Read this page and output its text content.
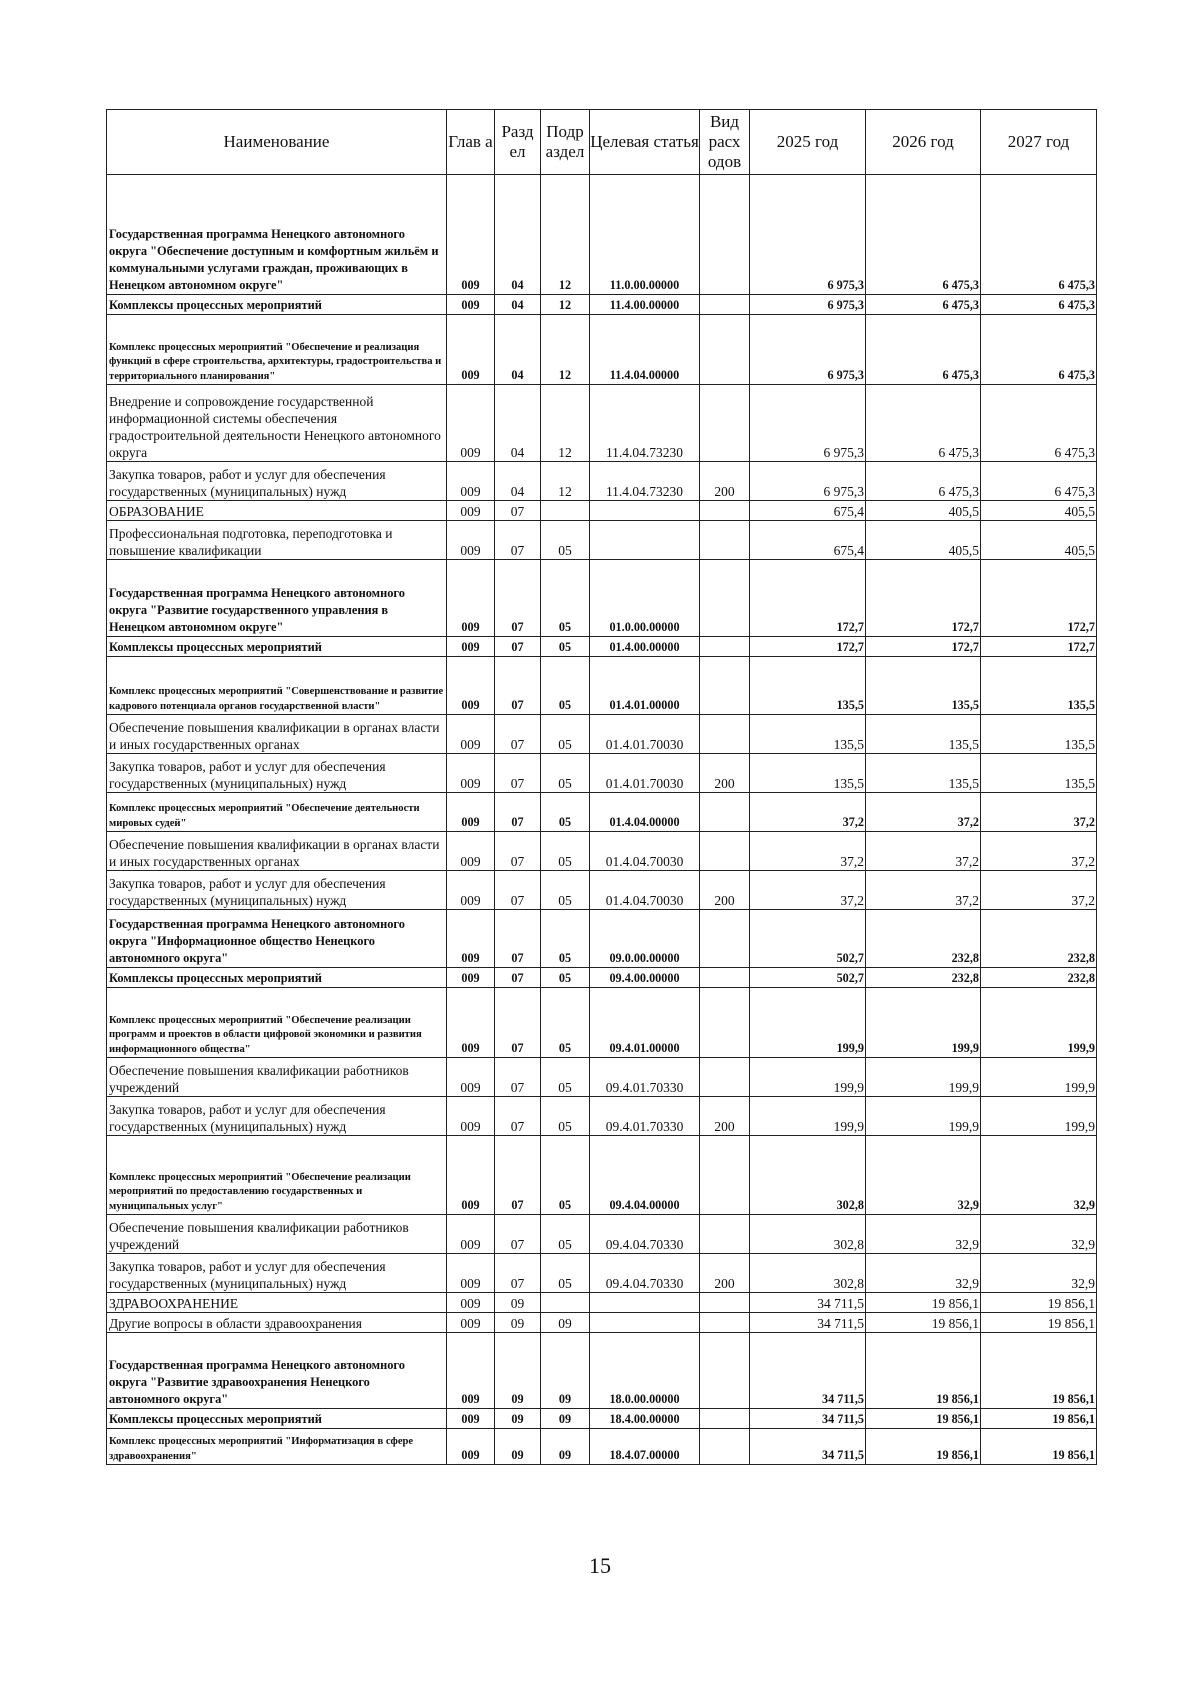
Наименование	Глав а	Разд ел	Подр аздел	Целевая статья	Вид расх одов	2025 год	2026 год	2027 год
Государственная программа Ненецкого автономного округа "Обеспечение доступным и комфортным жильём и коммунальными услугами граждан, проживающих в Ненецком автономном округе"	009	04	12	11.0.00.00000		6 975,3	6 475,3	6 475,3
Комплексы процессных мероприятий	009	04	12	11.4.00.00000		6 975,3	6 475,3	6 475,3
Комплекс процессных мероприятий "Обеспечение и реализация функций в сфере строительства, архитектуры, градостроительства и территориального планирования"	009	04	12	11.4.04.00000		6 975,3	6 475,3	6 475,3
Внедрение и сопровождение государственной информационной системы обеспечения градостроительной деятельности Ненецкого автономного округа	009	04	12	11.4.04.73230		6 975,3	6 475,3	6 475,3
Закупка товаров, работ и услуг для обеспечения государственных (муниципальных) нужд	009	04	12	11.4.04.73230	200	6 975,3	6 475,3	6 475,3
ОБРАЗОВАНИЕ	009	07				675,4	405,5	405,5
Профессиональная подготовка, переподготовка и повышение квалификации	009	07	05			675,4	405,5	405,5
Государственная программа Ненецкого автономного округа "Развитие государственного управления в Ненецком автономном округе"	009	07	05	01.0.00.00000		172,7	172,7	172,7
Комплексы процессных мероприятий	009	07	05	01.4.00.00000		172,7	172,7	172,7
Комплекс процессных мероприятий "Совершенствование и развитие кадрового потенциала органов государственной власти"	009	07	05	01.4.01.00000		135,5	135,5	135,5
Обеспечение повышения квалификации в органах власти и иных государственных органах	009	07	05	01.4.01.70030		135,5	135,5	135,5
Закупка товаров, работ и услуг для обеспечения государственных (муниципальных) нужд	009	07	05	01.4.01.70030	200	135,5	135,5	135,5
Комплекс процессных мероприятий "Обеспечение деятельности мировых судей"	009	07	05	01.4.04.00000		37,2	37,2	37,2
Обеспечение повышения квалификации в органах власти и иных государственных органах	009	07	05	01.4.04.70030		37,2	37,2	37,2
Закупка товаров, работ и услуг для обеспечения государственных (муниципальных) нужд	009	07	05	01.4.04.70030	200	37,2	37,2	37,2
Государственная программа Ненецкого автономного округа "Информационное общество Ненецкого автономного округа"	009	07	05	09.0.00.00000		502,7	232,8	232,8
Комплексы процессных мероприятий	009	07	05	09.4.00.00000		502,7	232,8	232,8
Комплекс процессных мероприятий "Обеспечение реализации программ и проектов в области цифровой экономики и развития информационного общества"	009	07	05	09.4.01.00000		199,9	199,9	199,9
Обеспечение повышения квалификации работников учреждений	009	07	05	09.4.01.70330		199,9	199,9	199,9
Закупка товаров, работ и услуг для обеспечения государственных (муниципальных) нужд	009	07	05	09.4.01.70330	200	199,9	199,9	199,9
Комплекс процессных мероприятий "Обеспечение реализации мероприятий по предоставлению государственных и муниципальных услуг"	009	07	05	09.4.04.00000		302,8	32,9	32,9
Обеспечение повышения квалификации работников учреждений	009	07	05	09.4.04.70330		302,8	32,9	32,9
Закупка товаров, работ и услуг для обеспечения государственных (муниципальных) нужд	009	07	05	09.4.04.70330	200	302,8	32,9	32,9
ЗДРАВООХРАНЕНИЕ	009	09				34 711,5	19 856,1	19 856,1
Другие вопросы в области здравоохранения	009	09	09			34 711,5	19 856,1	19 856,1
Государственная программа Ненецкого автономного округа "Развитие здравоохранения Ненецкого автономного округа"	009	09	09	18.0.00.00000		34 711,5	19 856,1	19 856,1
Комплексы процессных мероприятий	009	09	09	18.4.00.00000		34 711,5	19 856,1	19 856,1
Комплекс процессных мероприятий "Информатизация в сфере здравоохранения"	009	09	09	18.4.07.00000		34 711,5	19 856,1	19 856,1
15
